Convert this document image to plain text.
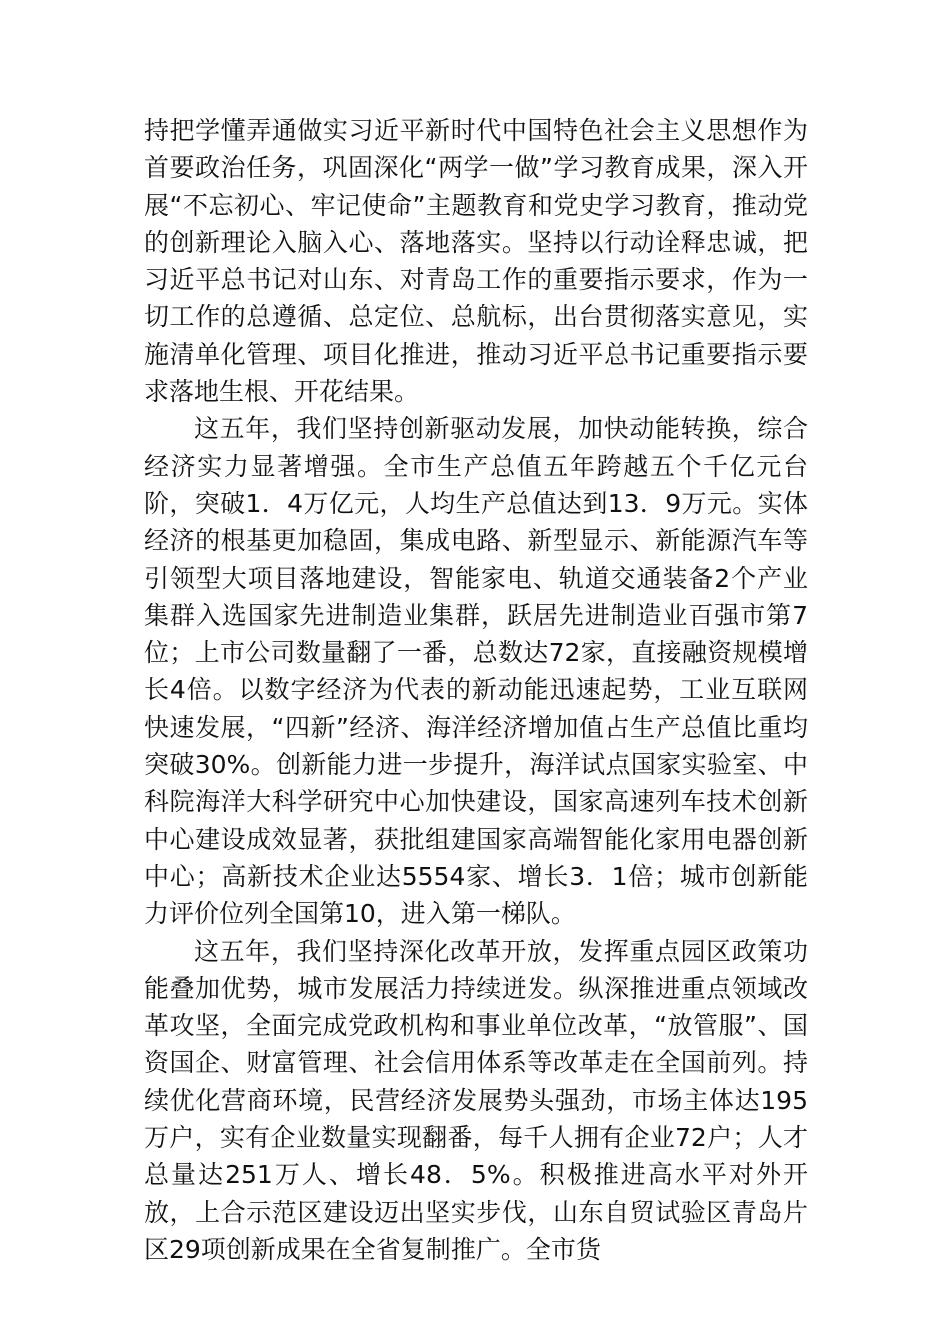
持把学懂弄通做实习近平新时代中国特色社会主义思想作为首要政治任务，巩固深化“两学一做”学习教育成果，深入开展“不忘初心、牢记使命”主题教育和党史学习教育，推动党的创新理论入脑入心、落地落实。坚持以行动诠释忠诚，把习近平总书记对山东、对青岛工作的重要指示要求，作为一切工作的总遵循、总定位、总航标，出台贯彻落实意见，实施清单化管理、项目化推进，推动习近平总书记重要指示要求落地生根、开花结果。

这五年，我们坚持创新驱动发展，加快动能转换，综合经济实力显著增强。全市生产总值五年跨越五个千亿元台阶，突破1．4万亿元，人均生产总值达到13．9万元。实体经济的根基更加稳固，集成电路、新型显示、新能源汽车等引领型大项目落地建设，智能家电、轨道交通装备2个产业集群入选国家先进制造业集群，跃居先进制造业百强市第7位；上市公司数量翻了一番，总数达72家，直接融资规模增长4倍。以数字经济为代表的新动能迅速起势，工业互联网快速发展，“四新”经济、海洋经济增加值占生产总值比重均突破30%。创新能力进一步提升，海洋试点国家实验室、中科院海洋大科学研究中心加快建设，国家高速列车技术创新中心建设成效显著，获批组建国家高端智能化家用电器创新中心；高新技术企业达5554家、增长3．1倍；城市创新能力评价位列全国第10，进入第一梯队。

这五年，我们坚持深化改革开放，发挥重点园区政策功能叠加优势，城市发展活力持续迸发。纵深推进重点领域改革攻坚，全面完成党政机构和事业单位改革，“放管服”、国资国企、财富管理、社会信用体系等改革走在全国前列。持续优化营商环境，民营经济发展势头强劲，市场主体达195万户，实有企业数量实现翻番，每千人拥有企业72户；人才总量达251万人、增长48．5%。积极推进高水平对外开放，上合示范区建设迈出坚实步伐，山东自贸试验区青岛片区29项创新成果在全省复制推广。全市货
